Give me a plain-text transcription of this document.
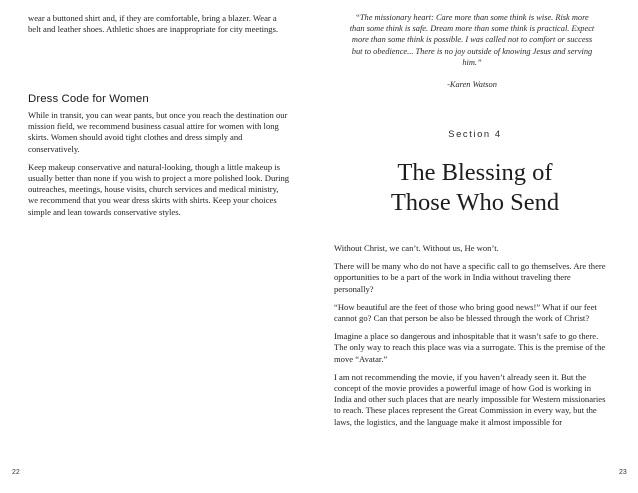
wear a buttoned shirt and, if they are comfortable, bring a blazer. Wear a belt and leather shoes. Athletic shoes are inappropriate for city meetings.

Dress Code for Women

While in transit, you can wear pants, but once you reach the destination our mission field, we recommend business casual attire for women with long skirts. Women should avoid tight clothes and dress simply and conservatively.

Keep makeup conservative and natural-looking, though a little makeup is usually better than none if you wish to project a more polished look. During outreaches, meetings, house visits, church services and medical ministry, we recommend that you wear dress skirts with shirts. Keep your choices simple and lean towards conservative styles.

22

“The missionary heart: Care more than some think is wise. Risk more than some think is safe. Dream more than some think is practical. Expect more than some think is possible. I was called not to comfort or success but to obedience... There is no joy outside of knowing Jesus and serving him.”

-Karen Watson

Section 4

The Blessing of
Those Who Send

Without Christ, we can’t. Without us, He won’t.

There will be many who do not have a specific call to go themselves. Are there opportunities to be a part of the work in India without traveling there personally?

“How beautiful are the feet of those who bring good news!” What if our feet cannot go? Can that person be also be blessed through the work of Christ?

Imagine a place so dangerous and inhospitable that it wasn’t safe to go there. The only way to reach this place was via a surrogate. This is the premise of the move “Avatar.”

I am not recommending the movie, if you haven’t already seen it. But the concept of the movie provides a powerful image of how God is working in India and other such places that are nearly impossible for Western missionaries to reach. These places represent the Great Commission in every way, but the laws, the logistics, and the language make it almost impossible for

23
